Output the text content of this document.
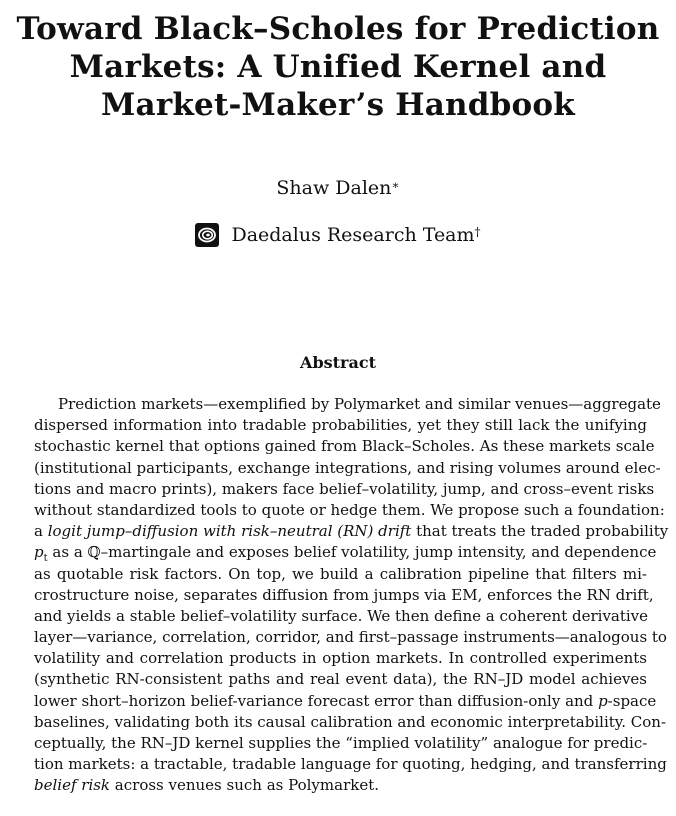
Toward Black–Scholes for Prediction
Markets: A Unified Kernel and
Market-Maker’s Handbook
Shaw Dalen∗
Daedalus Research Team†
Abstract
Prediction markets—exemplified by Polymarket and similar venues—aggregate
dispersed information into tradable probabilities, yet they still lack the unifying
stochastic kernel that options gained from Black–Scholes. As these markets scale
(institutional participants, exchange integrations, and rising volumes around elec-
tions and macro prints), makers face belief–volatility, jump, and cross–event risks
without standardized tools to quote or hedge them. We propose such a foundation:
a logit jump–diffusion with risk–neutral (RN) drift that treats the traded probability
$p_t$ as a ℚ–martingale and exposes belief volatility, jump intensity, and dependence
as quotable risk factors. On top, we build a calibration pipeline that filters mi-
crostructure noise, separates diffusion from jumps via EM, enforces the RN drift,
and yields a stable belief–volatility surface. We then define a coherent derivative
layer—variance, correlation, corridor, and first–passage instruments—analogous to
volatility and correlation products in option markets. In controlled experiments
(synthetic RN-consistent paths and real event data), the RN–JD model achieves
lower short–horizon belief-variance forecast error than diffusion-only and p-space
baselines, validating both its causal calibration and economic interpretability. Con-
ceptually, the RN–JD kernel supplies the “implied volatility” analogue for predic-
tion markets: a tractable, tradable language for quoting, hedging, and transferring
belief risk across venues such as Polymarket.
